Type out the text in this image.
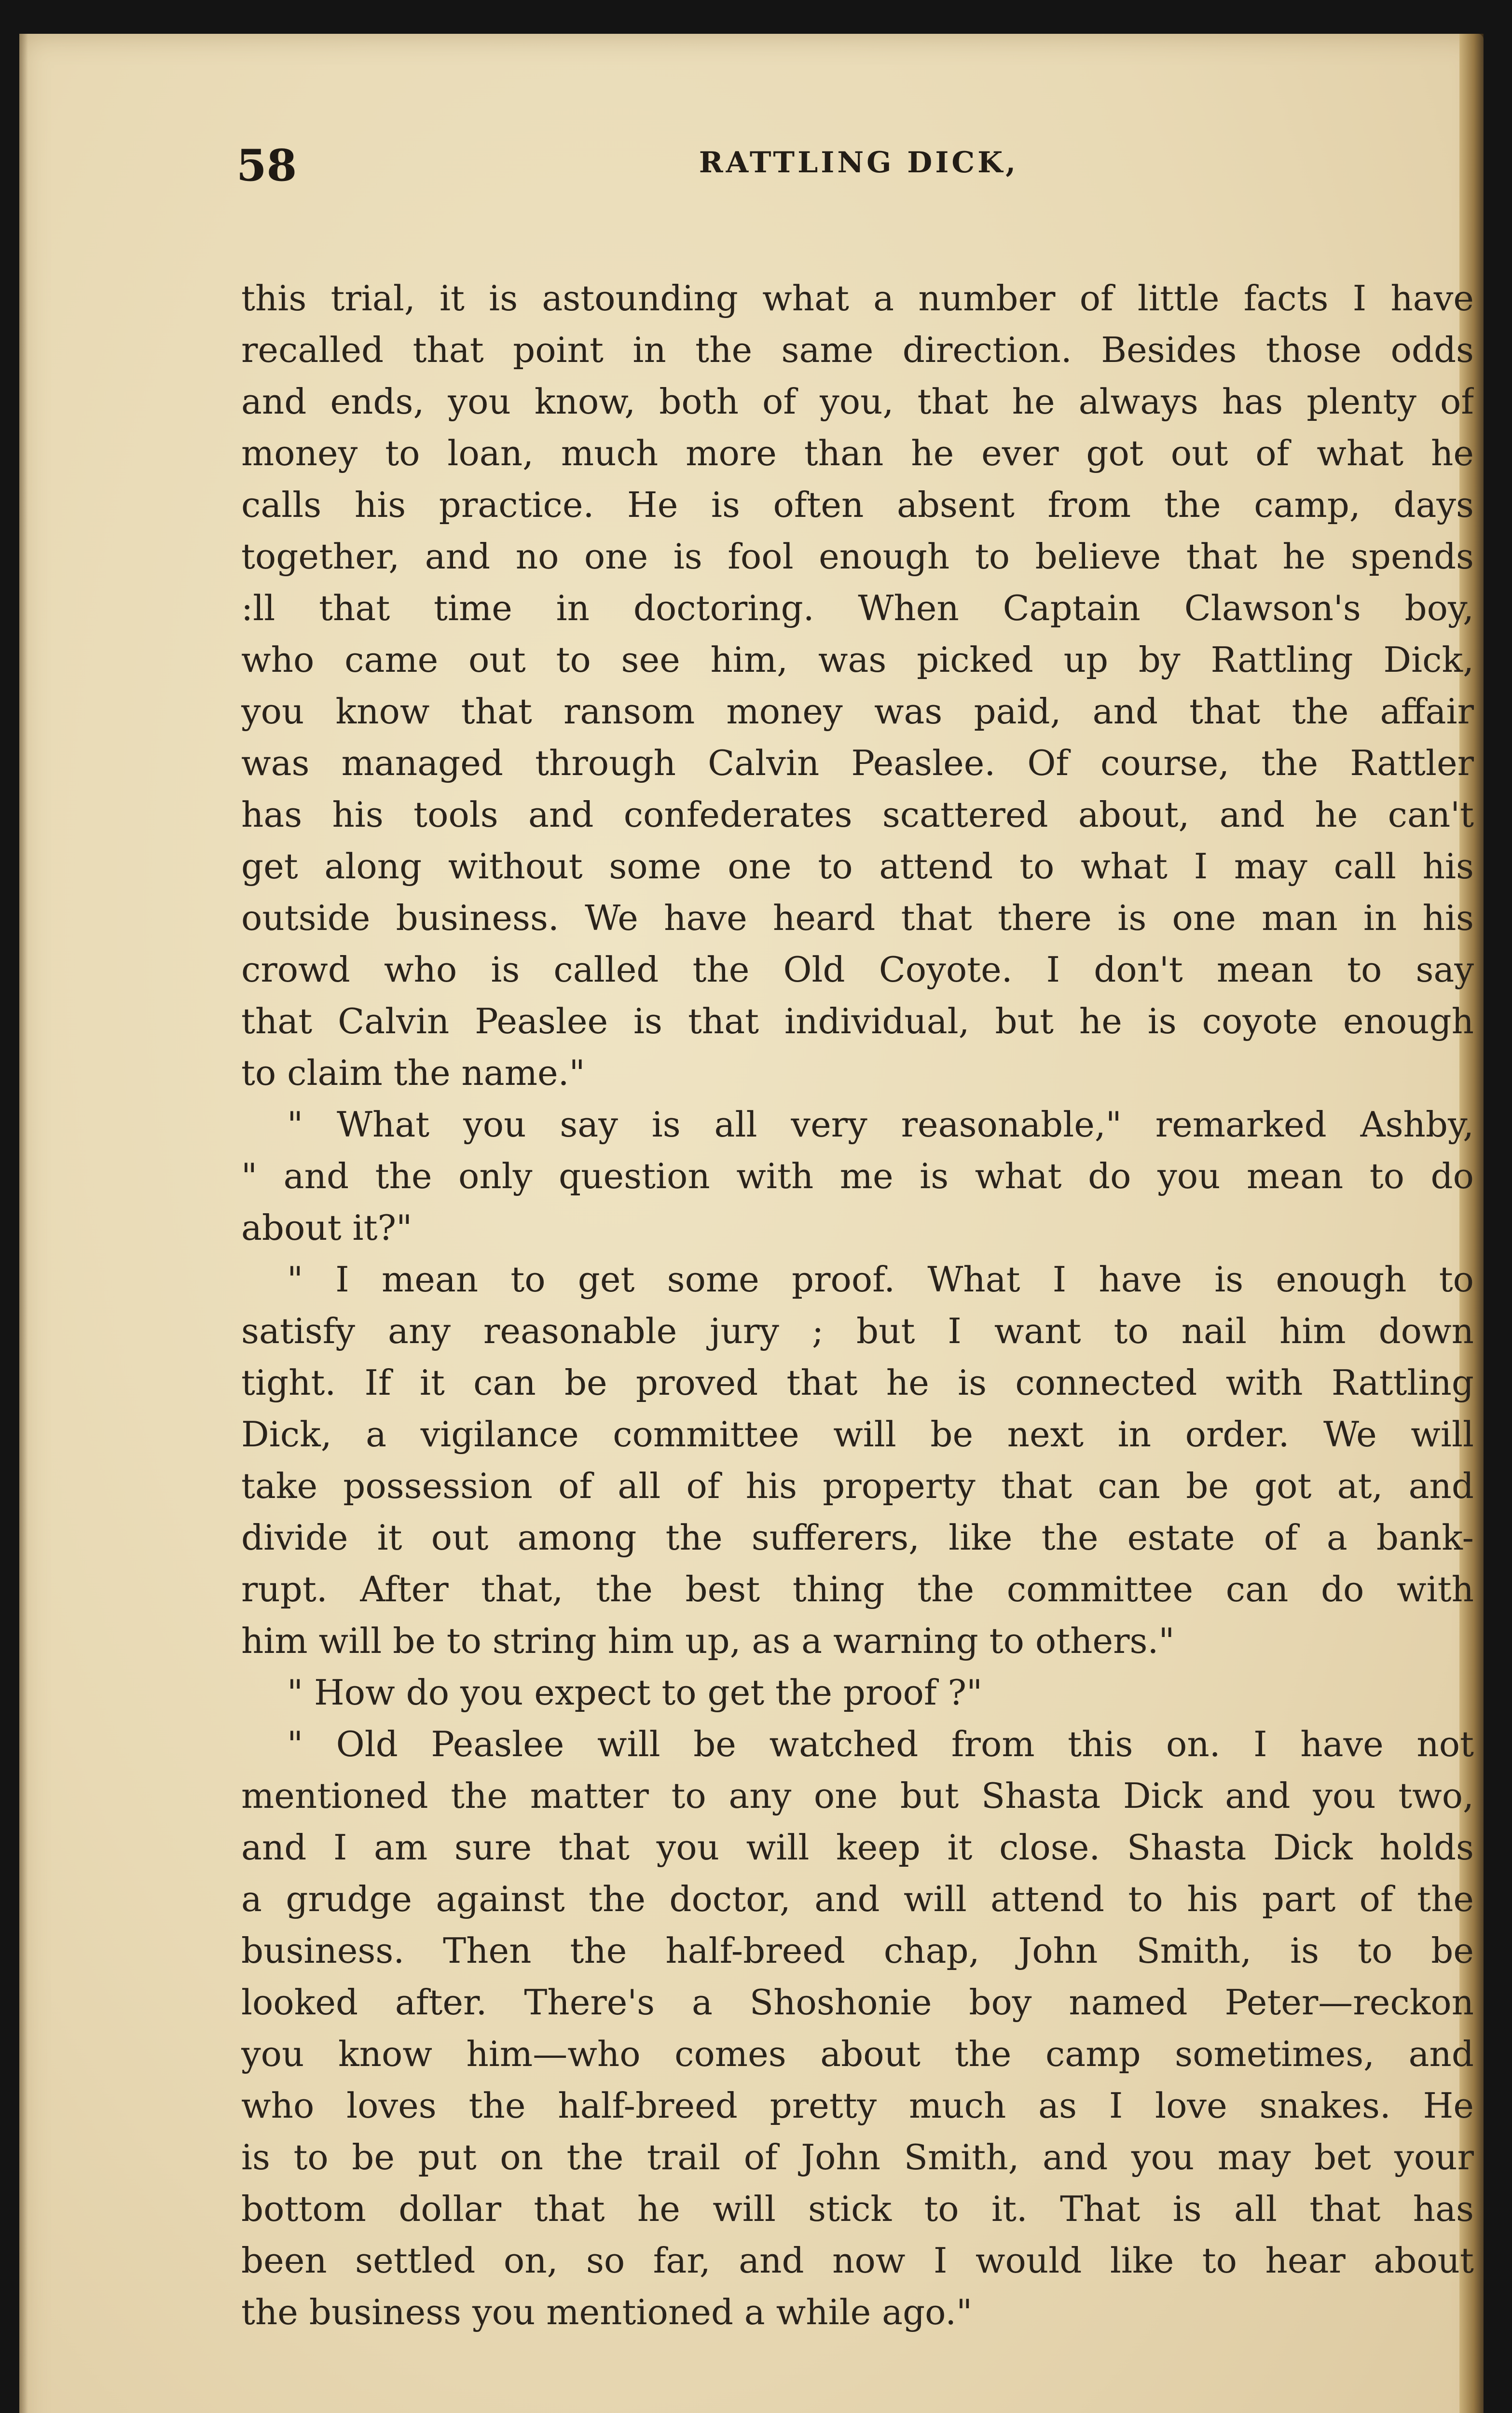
58	RATTLING DICK,
this trial, it is astounding what a number of little facts I have
recalled that point in the same direction. Besides those odds
and ends, you know, both of you, that he always has plenty of
money to loan, much more than he ever got out of what he
calls his practice. He is often absent from the camp, days
together, and no one is fool enough to believe that he spends
:ll that time in doctoring. When Captain Clawson's boy,
who came out to see him, was picked up by Rattling Dick,
you know that ransom money was paid, and that the affair
was managed through Calvin Peaslee. Of course, the Rattler
has his tools and confederates scattered about, and he can't
get along without some one to attend to what I may call his
outside business. We have heard that there is one man in his
crowd who is called the Old Coyote. I don't mean to say
that Calvin Peaslee is that individual, but he is coyote enough
to claim the name."
" What you say is all very reasonable," remarked Ashby,
" and the only question with me is what do you mean to do
about it?"
" I mean to get some proof. What I have is enough to
satisfy any reasonable jury ; but I want to nail him down
tight. If it can be proved that he is connected with Rattling
Dick, a vigilance committee will be next in order. We will
take possession of all of his property that can be got at, and
divide it out among the sufferers, like the estate of a bank-
rupt. After that, the best thing the committee can do with
him will be to string him up, as a warning to others."
" How do you expect to get the proof ?"
" Old Peaslee will be watched from this on. I have not
mentioned the matter to any one but Shasta Dick and you two,
and I am sure that you will keep it close. Shasta Dick holds
a grudge against the doctor, and will attend to his part of the
business. Then the half-breed chap, John Smith, is to be
looked after. There's a Shoshonie boy named Peter—reckon
you know him—who comes about the camp sometimes, and
who loves the half-breed pretty much as I love snakes. He
is to be put on the trail of John Smith, and you may bet your
bottom dollar that he will stick to it. That is all that has
been settled on, so far, and now I would like to hear about
the business you mentioned a while ago."
